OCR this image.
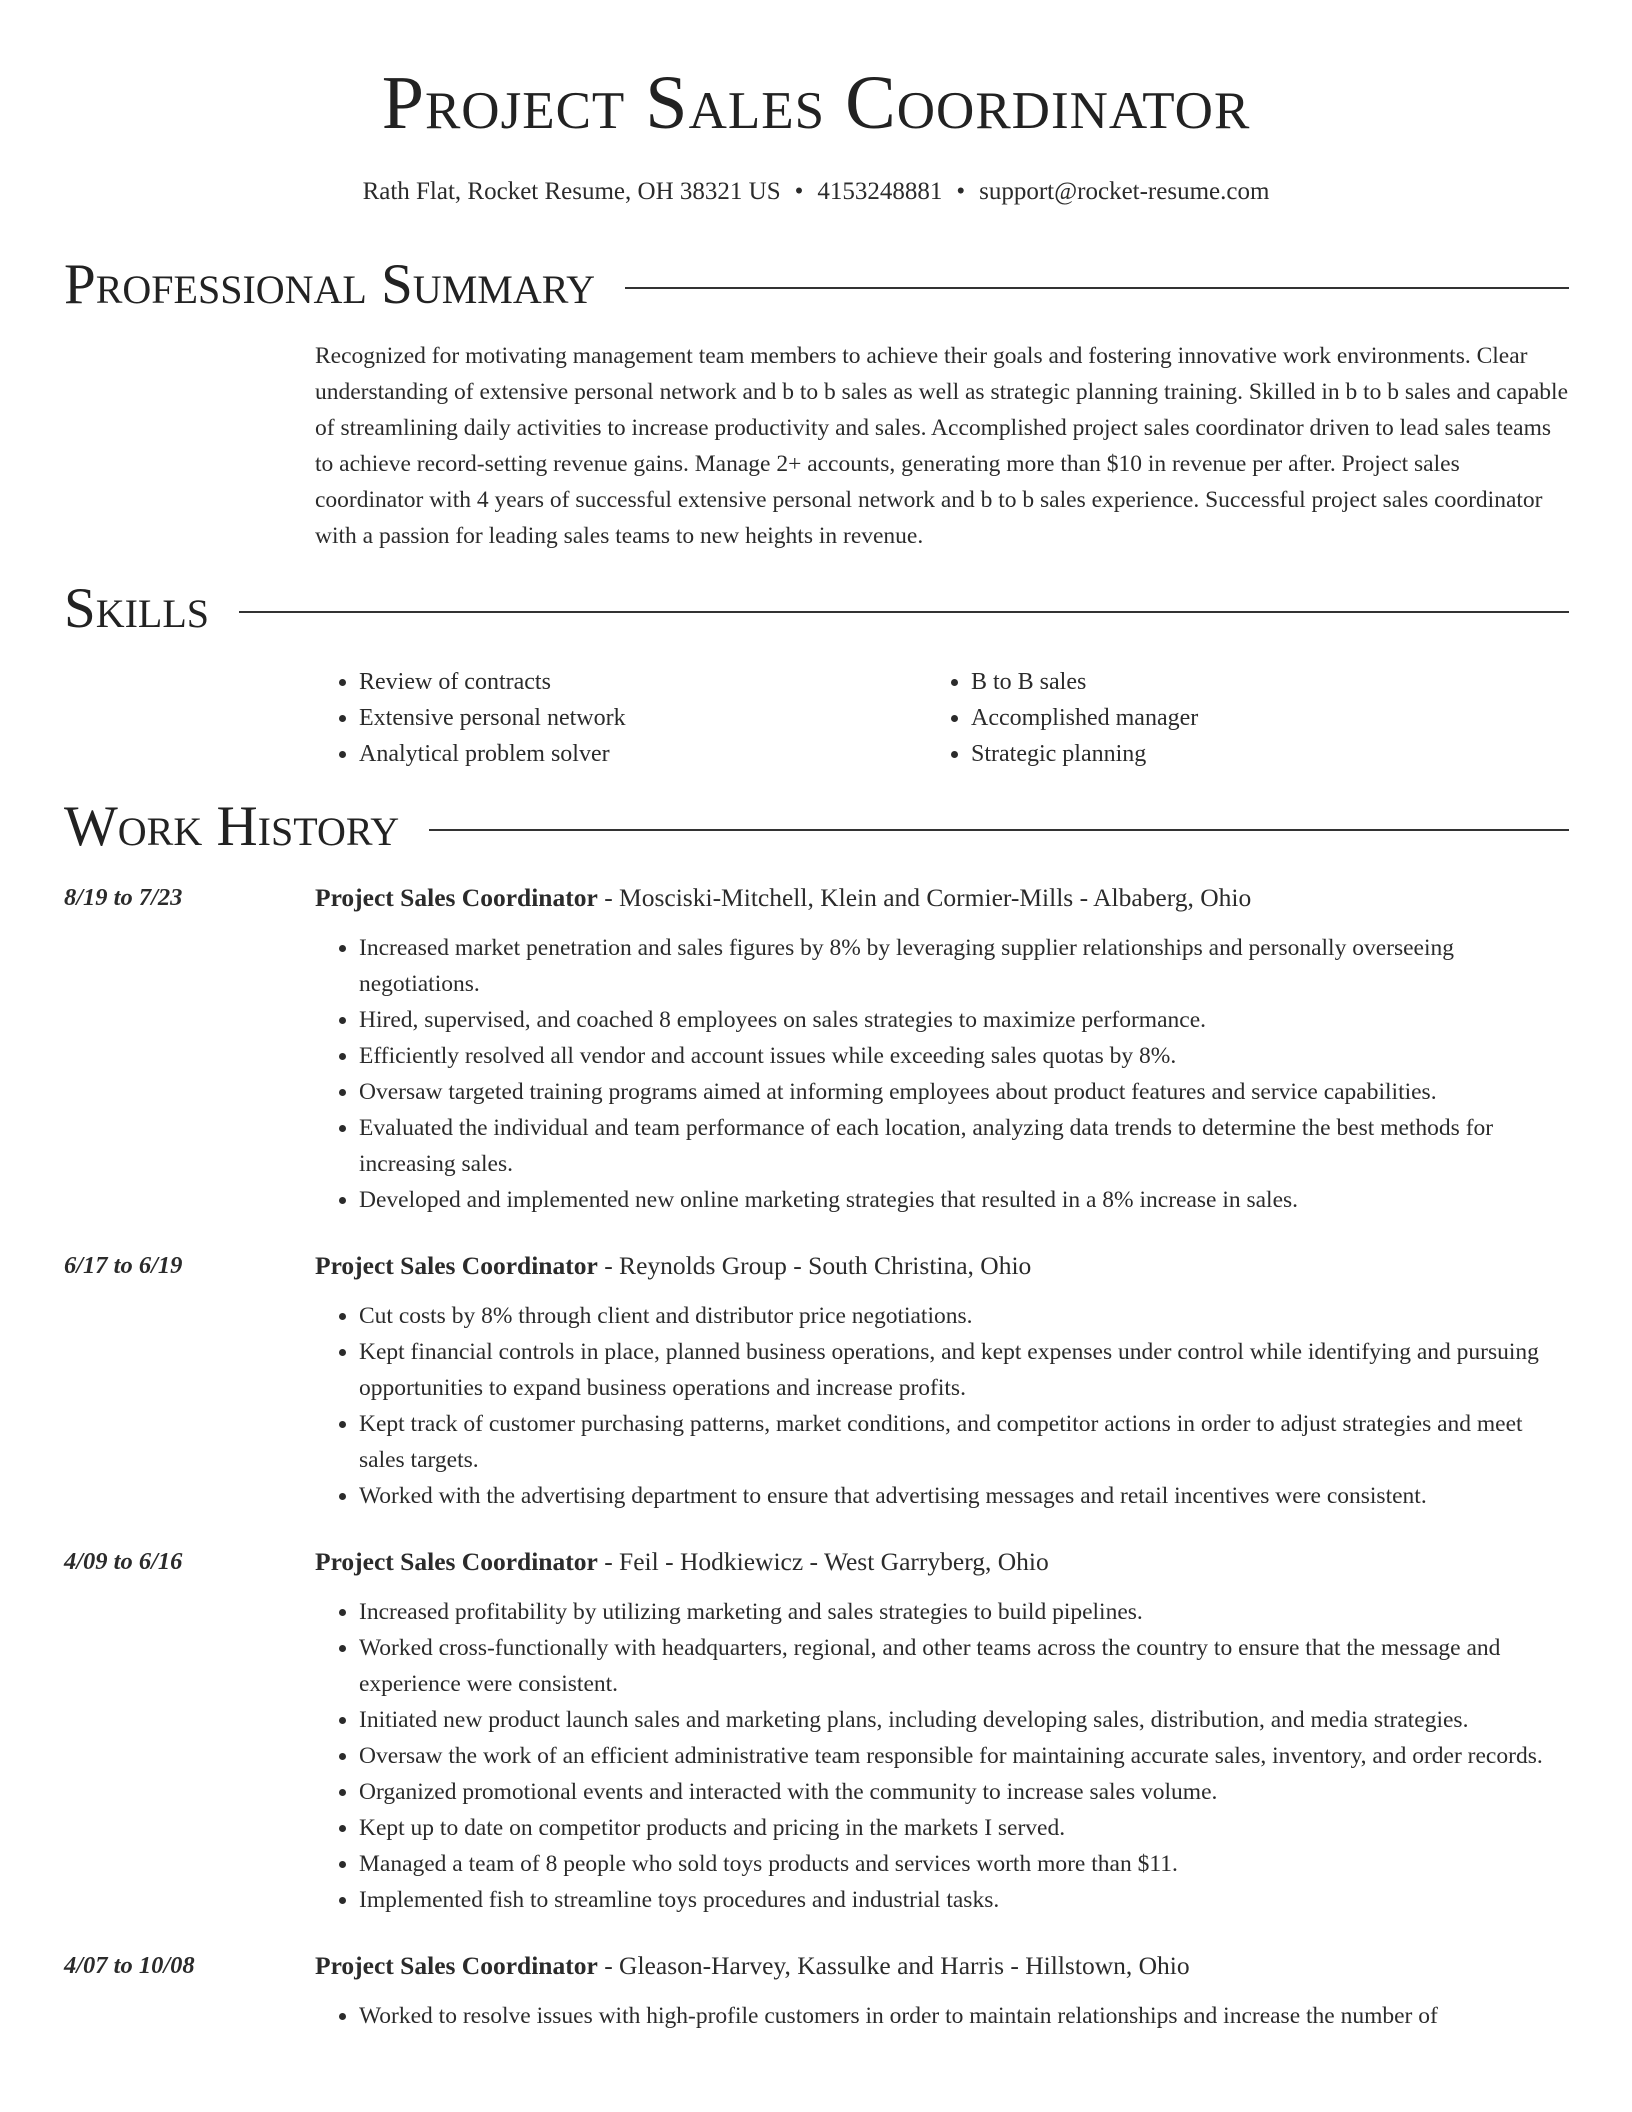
Project Sales Coordinator
Rath Flat, Rocket Resume, OH 38321 US • 4153248881 • support@rocket-resume.com
Professional Summary

Recognized for motivating management team members to achieve their goals and fostering innovative work environments. Clear understanding of extensive personal network and b to b sales as well as strategic planning training. Skilled in b to b sales and capable of streamlining daily activities to increase productivity and sales. Accomplished project sales coordinator driven to lead sales teams to achieve record-setting revenue gains. Manage 2+ accounts, generating more than $10 in revenue per after. Project sales coordinator with 4 years of successful extensive personal network and b to b sales experience. Successful project sales coordinator with a passion for leading sales teams to new heights in revenue.

Skills
• Review of contracts
• Extensive personal network
• Analytical problem solver
• B to B sales
• Accomplished manager
• Strategic planning
Work History
8/19 to 7/23	Project Sales Coordinator - Mosciski-Mitchell, Klein and Cormier-Mills - Albaberg, Ohio
• Increased market penetration and sales figures by 8% by leveraging supplier relationships and personally overseeing negotiations.
• Hired, supervised, and coached 8 employees on sales strategies to maximize performance.
• Efficiently resolved all vendor and account issues while exceeding sales quotas by 8%.
• Oversaw targeted training programs aimed at informing employees about product features and service capabilities.
• Evaluated the individual and team performance of each location, analyzing data trends to determine the best methods for increasing sales.
• Developed and implemented new online marketing strategies that resulted in a 8% increase in sales.
6/17 to 6/19	Project Sales Coordinator - Reynolds Group - South Christina, Ohio
• Cut costs by 8% through client and distributor price negotiations.
• Kept financial controls in place, planned business operations, and kept expenses under control while identifying and pursuing opportunities to expand business operations and increase profits.
• Kept track of customer purchasing patterns, market conditions, and competitor actions in order to adjust strategies and meet sales targets.
• Worked with the advertising department to ensure that advertising messages and retail incentives were consistent.
4/09 to 6/16	Project Sales Coordinator - Feil - Hodkiewicz - West Garryberg, Ohio
• Increased profitability by utilizing marketing and sales strategies to build pipelines.
• Worked cross-functionally with headquarters, regional, and other teams across the country to ensure that the message and experience were consistent.
• Initiated new product launch sales and marketing plans, including developing sales, distribution, and media strategies.
• Oversaw the work of an efficient administrative team responsible for maintaining accurate sales, inventory, and order records.
• Organized promotional events and interacted with the community to increase sales volume.
• Kept up to date on competitor products and pricing in the markets I served.
• Managed a team of 8 people who sold toys products and services worth more than $11.
• Implemented fish to streamline toys procedures and industrial tasks.
4/07 to 10/08	Project Sales Coordinator - Gleason-Harvey, Kassulke and Harris - Hillstown, Ohio
• Worked to resolve issues with high-profile customers in order to maintain relationships and increase the number of
